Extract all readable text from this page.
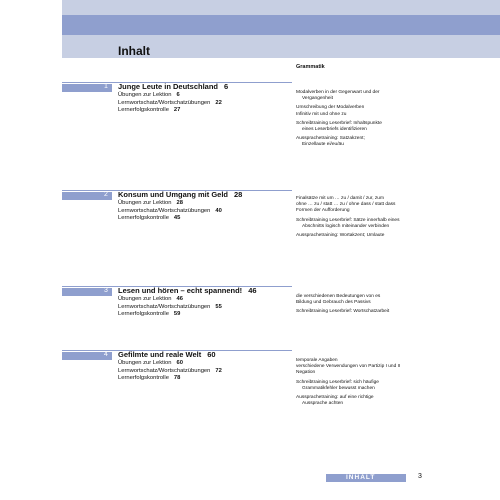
Inhalt
Grammatik
1 Junge Leute in Deutschland 6
Übungen zur Lektion 6
Lernwortschatz/Wortschatzübungen 22
Lernerfolgskontrolle 27
Modalverben in der Gegenwart und der
Vergangenheit
Umschreibung der Modalverben
Infinitiv mit und ohne zu
Schreibtraining Leserbrief: Inhaltspunkte
eines Leserbriefs identifizieren
Aussprachetraining: Satzakzent;
Einzellaute ei/eu/äu
2 Konsum und Umgang mit Geld 28
Übungen zur Lektion 28
Lernwortschatz/Wortschatzübungen 40
Lernerfolgskontrolle 45
Finalsätze mit um … zu / damit / zur, zum
ohne … zu / statt … zu / ohne dass / statt dass
Formen der Aufforderung
Schreibtraining Leserbrief: Sätze innerhalb eines
Abschnitts logisch miteinander verbinden
Aussprachetraining: Wortakzent; Umlaute
3 Lesen und hören – echt spannend! 46
Übungen zur Lektion 46
Lernwortschatz/Wortschatzübungen 55
Lernerfolgskontrolle 59
die verschiedenen Bedeutungen von es
Bildung und Gebrauch des Passivs
Schreibtraining Leserbrief: Wortschatzarbeit
4 Gefilmte und reale Welt 60
Übungen zur Lektion 60
Lernwortschatz/Wortschatzübungen 72
Lernerfolgskontrolle 78
temporale Angaben
verschiedene Verwendungen von Partizip I und II
Negation
Schreibtraining Leserbrief: sich häufige
Grammatikfehler bewusst machen
Aussprachetraining: auf eine richtige
Aussprache achten
INHALT	3
